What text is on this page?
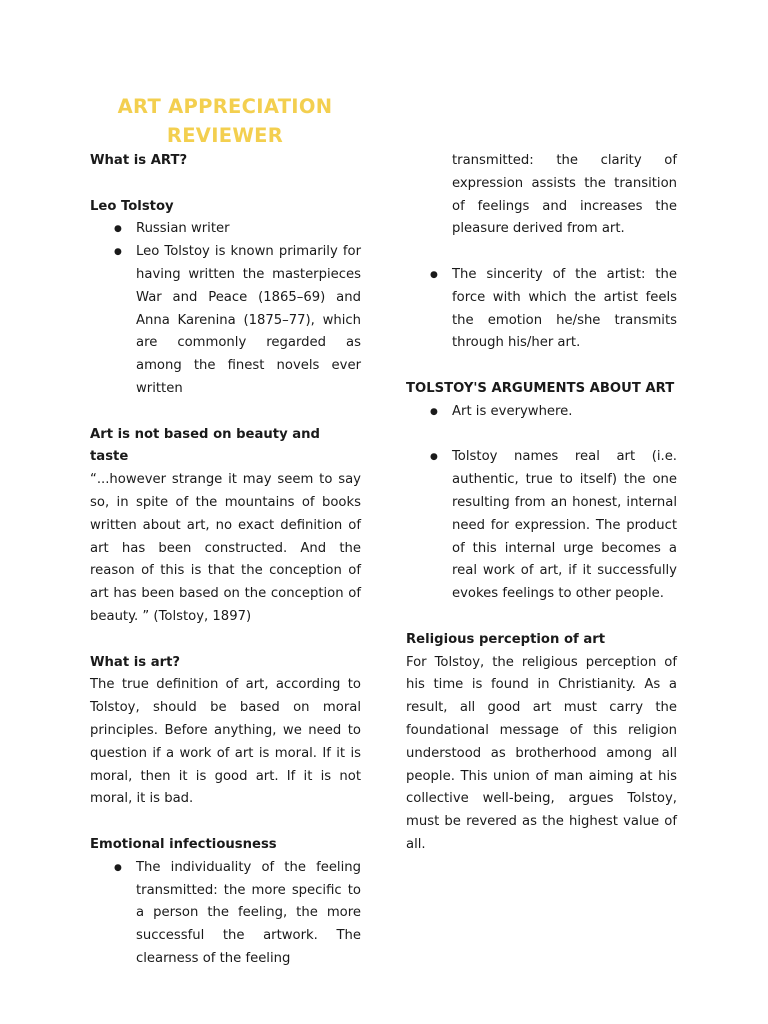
ART APPRECIATION
REVIEWER

What is ART?

Leo Tolstoy

● Russian writer
● Leo Tolstoy is known primarily for having written the masterpieces War and Peace (1865–69) and Anna Karenina (1875–77), which are commonly regarded as among the finest novels ever written

Art is not based on beauty and taste

“...however strange it may seem to say so, in spite of the mountains of books written about art, no exact definition of art has been constructed. And the reason of this is that the conception of art has been based on the conception of beauty. ” (Tolstoy, 1897)

What is art?

The true definition of art, according to Tolstoy, should be based on moral principles. Before anything, we need to question if a work of art is moral. If it is moral, then it is good art. If it is not moral, it is bad.

Emotional infectiousness

● The individuality of the feeling transmitted: the more specific to a person the feeling, the more successful the artwork. The clearness of the feeling

transmitted: the clarity of expression assists the transition of feelings and increases the pleasure derived from art.

● The sincerity of the artist: the force with which the artist feels the emotion he/she transmits through his/her art.

TOLSTOY'S ARGUMENTS ABOUT ART

● Art is everywhere.
● Tolstoy names real art (i.e. authentic, true to itself) the one resulting from an honest, internal need for expression. The product of this internal urge becomes a real work of art, if it successfully evokes feelings to other people.

Religious perception of art

For Tolstoy, the religious perception of his time is found in Christianity. As a result, all good art must carry the foundational message of this religion understood as brotherhood among all people. This union of man aiming at his collective well-being, argues Tolstoy, must be revered as the highest value of all.
